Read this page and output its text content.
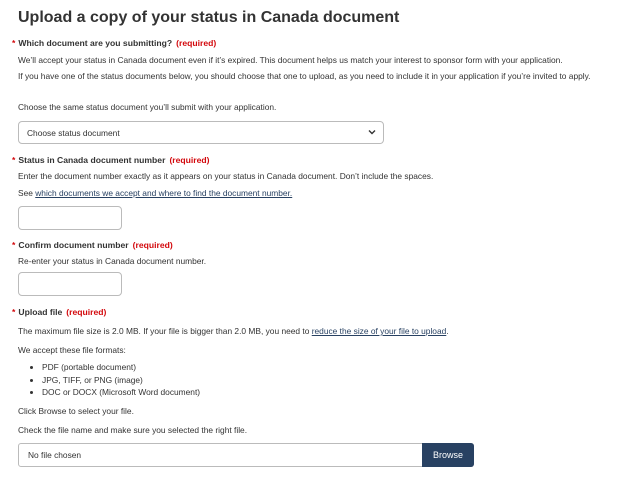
Upload a copy of your status in Canada document
* Which document are you submitting? (required)
We’ll accept your status in Canada document even if it’s expired. This document helps us match your interest to sponsor form with your application.
If you have one of the status documents below, you should choose that one to upload, as you need to include it in your application if you’re invited to apply.
Choose the same status document you’ll submit with your application.
Choose status document
* Status in Canada document number (required)
Enter the document number exactly as it appears on your status in Canada document. Don’t include the spaces.
See which documents we accept and where to find the document number.
* Confirm document number (required)
Re-enter your status in Canada document number.
* Upload file (required)
The maximum file size is 2.0 MB. If your file is bigger than 2.0 MB, you need to reduce the size of your file to upload.
We accept these file formats:
• PDF (portable document)
• JPG, TIFF, or PNG (image)
• DOC or DOCX (Microsoft Word document)
Click Browse to select your file.
Check the file name and make sure you selected the right file.
No file chosen	Browse
